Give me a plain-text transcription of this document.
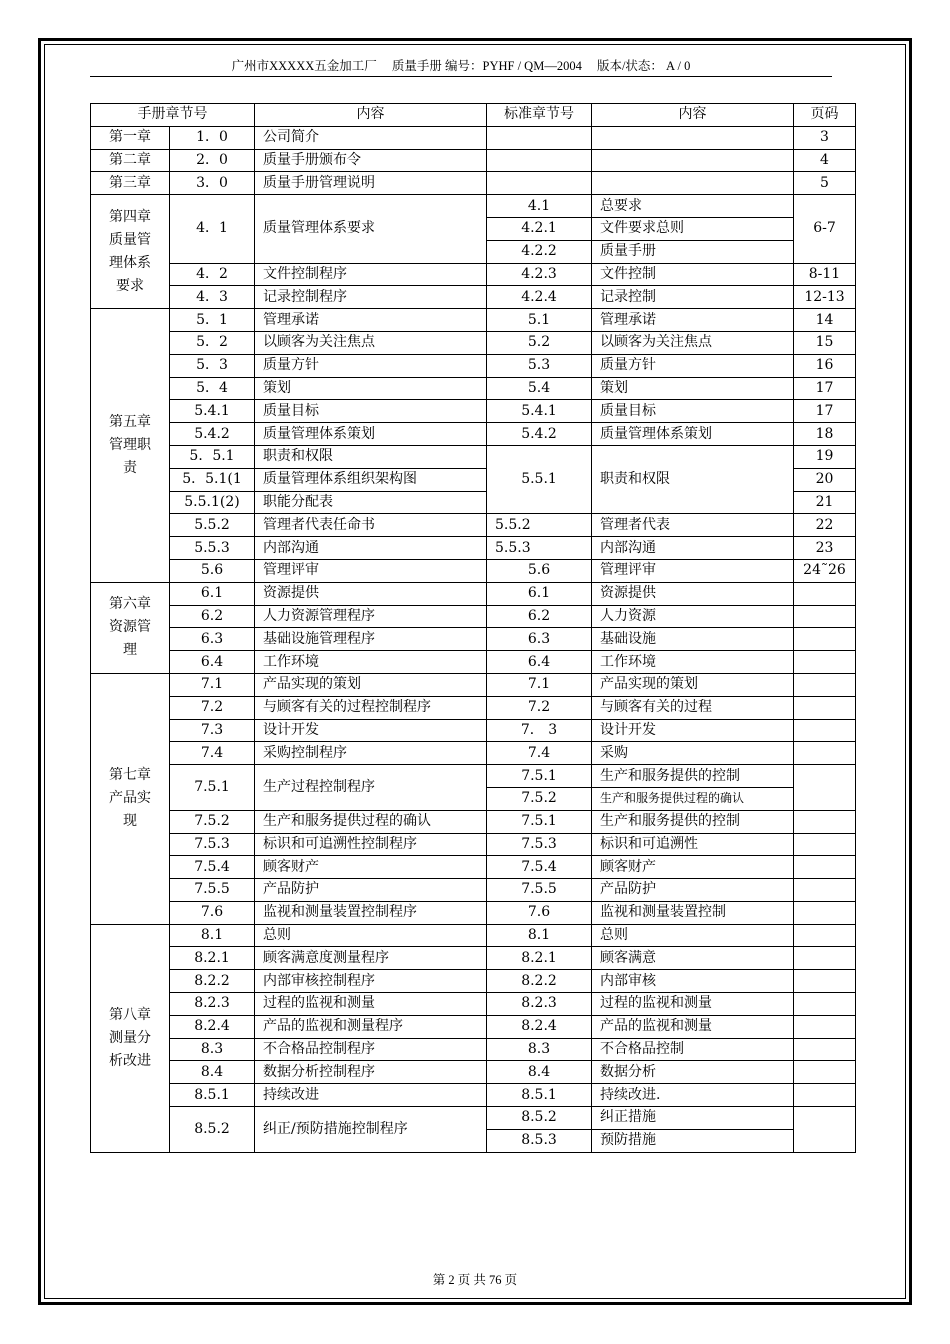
广州市XXXXX五金加工厂 质量手册 编号：PYHF / QM—2004 版本/状态： A / 0
手册章节号		内容	标准章节号	内容	页码
第一章	1．0	公司简介			3
第二章	2．0	质量手册颁布令			4
第三章	3．0	质量手册管理说明			5
第四章质量管理体系要求	4．1	质量管理体系要求	4.1	总要求	6-7
			4.2.1	文件要求总则	
			4.2.2	质量手册	
	4．2	文件控制程序	4.2.3	文件控制	8-11
	4．3	记录控制程序	4.2.4	记录控制	12-13
第五章管理职责	5．1	管理承诺	5.1	管理承诺	14
	5．2	以顾客为关注焦点	5.2	以顾客为关注焦点	15
	5．3	质量方针	5.3	质量方针	16
	5．4	策划	5.4	策划	17
	5.4.1	质量目标	5.4.1	质量目标	17
	5.4.2	质量管理体系策划	5.4.2	质量管理体系策划	18
	5．5.1	职责和权限	5.5.1	职责和权限	19
	5．5.1(1	质量管理体系组织架构图			20
	5.5.1(2)	职能分配表			21
	5.5.2	管理者代表任命书	5.5.2	管理者代表	22
	5.5.3	内部沟通	5.5.3	内部沟通	23
	5.6	管理评审	5.6	管理评审	24˜26
第六章资源管理	6.1	资源提供	6.1	资源提供	
	6.2	人力资源管理程序	6.2	人力资源	
	6.3	基础设施管理程序	6.3	基础设施	
	6.4	工作环境	6.4	工作环境	
第七章产品实现	7.1	产品实现的策划	7.1	产品实现的策划	
	7.2	与顾客有关的过程控制程序	7.2	与顾客有关的过程	
	7.3	设计开发	7． 3	设计开发	
	7.4	采购控制程序	7.4	采购	
	7.5.1	生产过程控制程序	7.5.1	生产和服务提供的控制	
			7.5.2	生产和服务提供过程的确认	
	7.5.2	生产和服务提供过程的确认	7.5.1	生产和服务提供的控制	
	7.5.3	标识和可追溯性控制程序	7.5.3	标识和可追溯性	
	7.5.4	顾客财产	7.5.4	顾客财产	
	7.5.5	产品防护	7.5.5	产品防护	
	7.6	监视和测量装置控制程序	7.6	监视和测量装置控制	
第八章测量分析改进	8.1	总则	8.1	总则	
	8.2.1	顾客满意度测量程序	8.2.1	顾客满意	
	8.2.2	内部审核控制程序	8.2.2	内部审核	
	8.2.3	过程的监视和测量	8.2.3	过程的监视和测量	
	8.2.4	产品的监视和测量程序	8.2.4	产品的监视和测量	
	8.3	不合格品控制程序	8.3	不合格品控制	
	8.4	数据分析控制程序	8.4	数据分析	
	8.5.1	持续改进	8.5.1	持续改进.	
	8.5.2	纠正/预防措施控制程序	8.5.2	纠正措施	
			8.5.3	预防措施	
第 2 页 共 76 页
